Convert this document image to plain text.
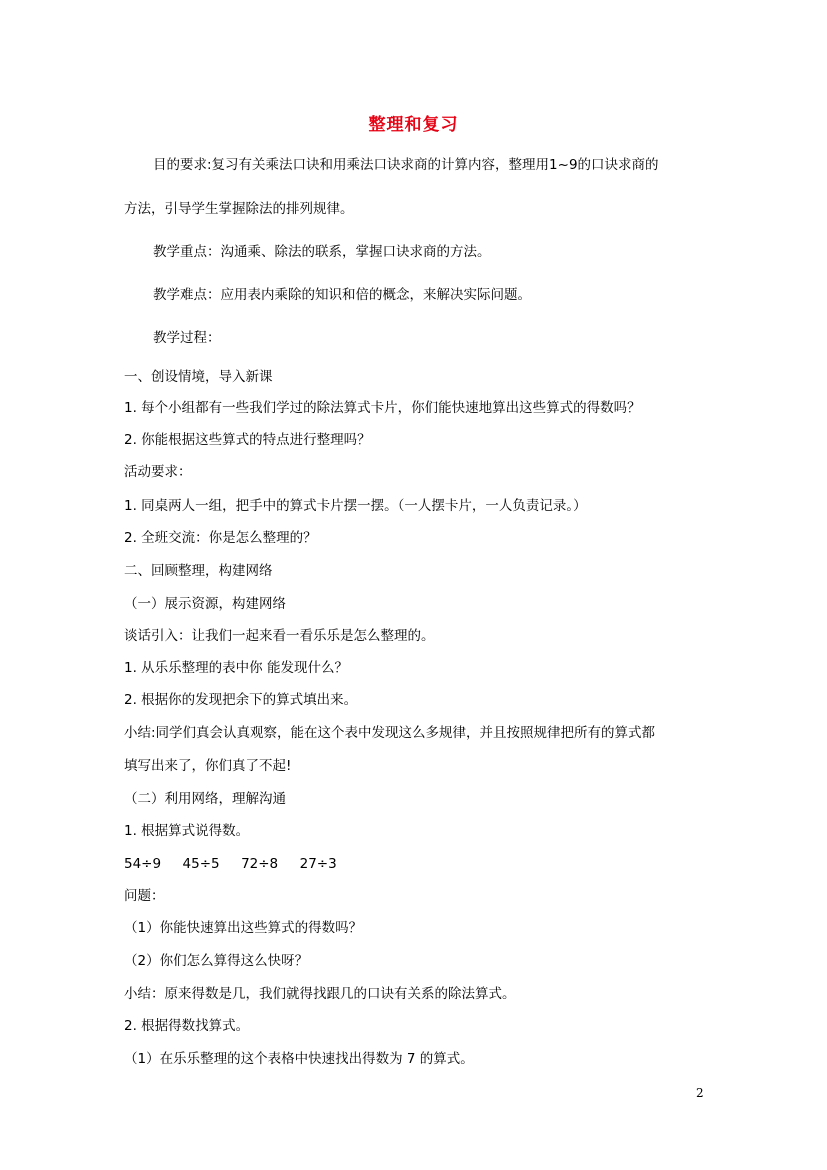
整理和复习
目的要求:复习有关乘法口诀和用乘法口诀求商的计算内容，整理用1~9的口诀求商的
方法，引导学生掌握除法的排列规律。
教学重点：沟通乘、除法的联系，掌握口诀求商的方法。
教学难点：应用表内乘除的知识和倍的概念，来解决实际问题。
教学过程：
一、创设情境，导入新课
1. 每个小组都有一些我们学过的除法算式卡片，你们能快速地算出这些算式的得数吗？
2. 你能根据这些算式的特点进行整理吗？
活动要求：
1. 同桌两人一组，把手中的算式卡片摆一摆。（一人摆卡片，一人负责记录。）
2. 全班交流：你是怎么整理的？
二、回顾整理，构建网络
（一）展示资源，构建网络
谈话引入：让我们一起来看一看乐乐是怎么整理的。
1. 从乐乐整理的表中你 能发现什么？
2. 根据你的发现把余下的算式填出来。
小结:同学们真会认真观察，能在这个表中发现这么多规律，并且按照规律把所有的算式都
填写出来了，你们真了不起!
（二）利用网络，理解沟通
1. 根据算式说得数。
54÷9     45÷5     72÷8     27÷3
问题：
（1）你能快速算出这些算式的得数吗？
（2）你们怎么算得这么快呀？
小结：原来得数是几，我们就得找跟几的口诀有关系的除法算式。
2. 根据得数找算式。
（1）在乐乐整理的这个表格中快速找出得数为 7 的算式。
2
